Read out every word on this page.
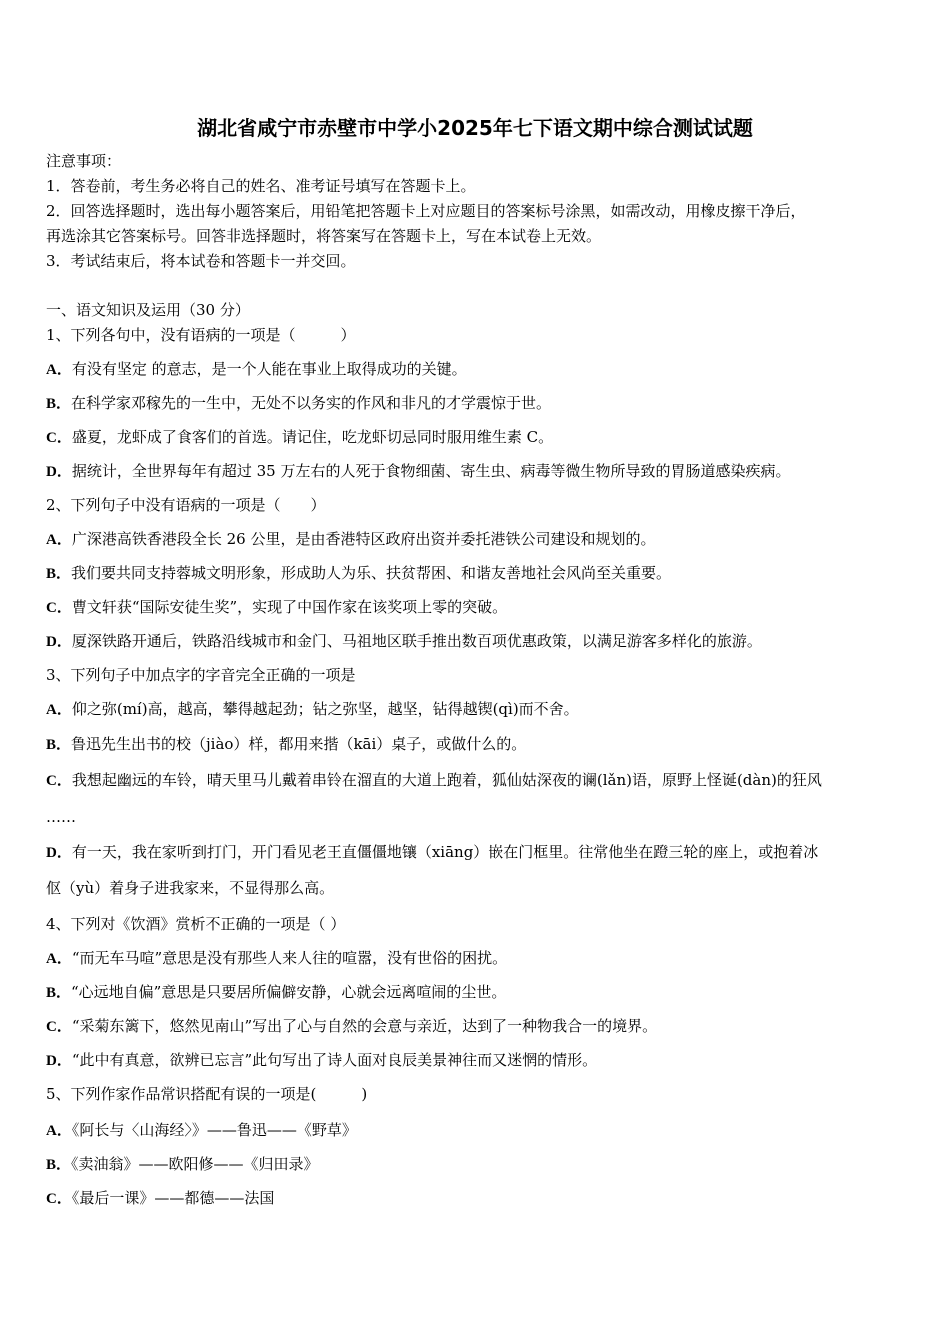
湖北省咸宁市赤壁市中学小2025年七下语文期中综合测试试题
注意事项：
1．答卷前，考生务必将自己的姓名、准考证号填写在答题卡上。
2．回答选择题时，选出每小题答案后，用铅笔把答题卡上对应题目的答案标号涂黑，如需改动，用橡皮擦干净后，
再选涂其它答案标号。回答非选择题时，将答案写在答题卡上，写在本试卷上无效。
3．考试结束后，将本试卷和答题卡一并交回。
一、语文知识及运用（30 分）
1、下列各句中，没有语病的一项是（　　　）
A．有没有坚定 的意志，是一个人能在事业上取得成功的关键。
B．在科学家邓稼先的一生中，无处不以务实的作风和非凡的才学震惊于世。
C．盛夏，龙虾成了食客们的首选。请记住，吃龙虾切忌同时服用维生素 C。
D．据统计，全世界每年有超过 35 万左右的人死于食物细菌、寄生虫、病毒等微生物所导致的胃肠道感染疾病。
2、下列句子中没有语病的一项是（　　）
A．广深港高铁香港段全长 26 公里，是由香港特区政府出资并委托港铁公司建设和规划的。
B．我们要共同支持蓉城文明形象，形成助人为乐、扶贫帮困、和谐友善地社会风尚至关重要。
C．曹文轩获“国际安徒生奖”，实现了中国作家在该奖项上零的突破。
D．厦深铁路开通后，铁路沿线城市和金门、马祖地区联手推出数百项优惠政策，以满足游客多样化的旅游。
3、下列句子中加点字的字音完全正确的一项是
A．仰之弥(mí)高，越高，攀得越起劲；钻之弥坚，越坚，钻得越锲(qì)而不舍。
B．鲁迅先生出书的校（jiào）样，都用来揩（kāi）桌子，或做什么的。
C．我想起幽远的车铃，晴天里马儿戴着串铃在溜直的大道上跑着，狐仙姑深夜的谰(lǎn)语，原野上怪诞(dàn)的狂风
……
D．有一天，我在家听到打门，开门看见老王直僵僵地镶（xiāng）嵌在门框里。往常他坐在蹬三轮的座上，或抱着冰
伛（yù）着身子进我家来，不显得那么高。
4、下列对《饮酒》赏析不正确的一项是（ ）
A．“而无车马喧”意思是没有那些人来人往的喧嚣，没有世俗的困扰。
B．“心远地自偏”意思是只要居所偏僻安静，心就会远离喧闹的尘世。
C．“采菊东篱下，悠然见南山”写出了心与自然的会意与亲近，达到了一种物我合一的境界。
D．“此中有真意，欲辨已忘言”此句写出了诗人面对良辰美景神往而又迷惘的情形。
5、下列作家作品常识搭配有误的一项是(　　　)
A．《阿长与〈山海经〉》——鲁迅——《野草》
B．《卖油翁》——欧阳修——《归田录》
C．《最后一课》——都德——法国
